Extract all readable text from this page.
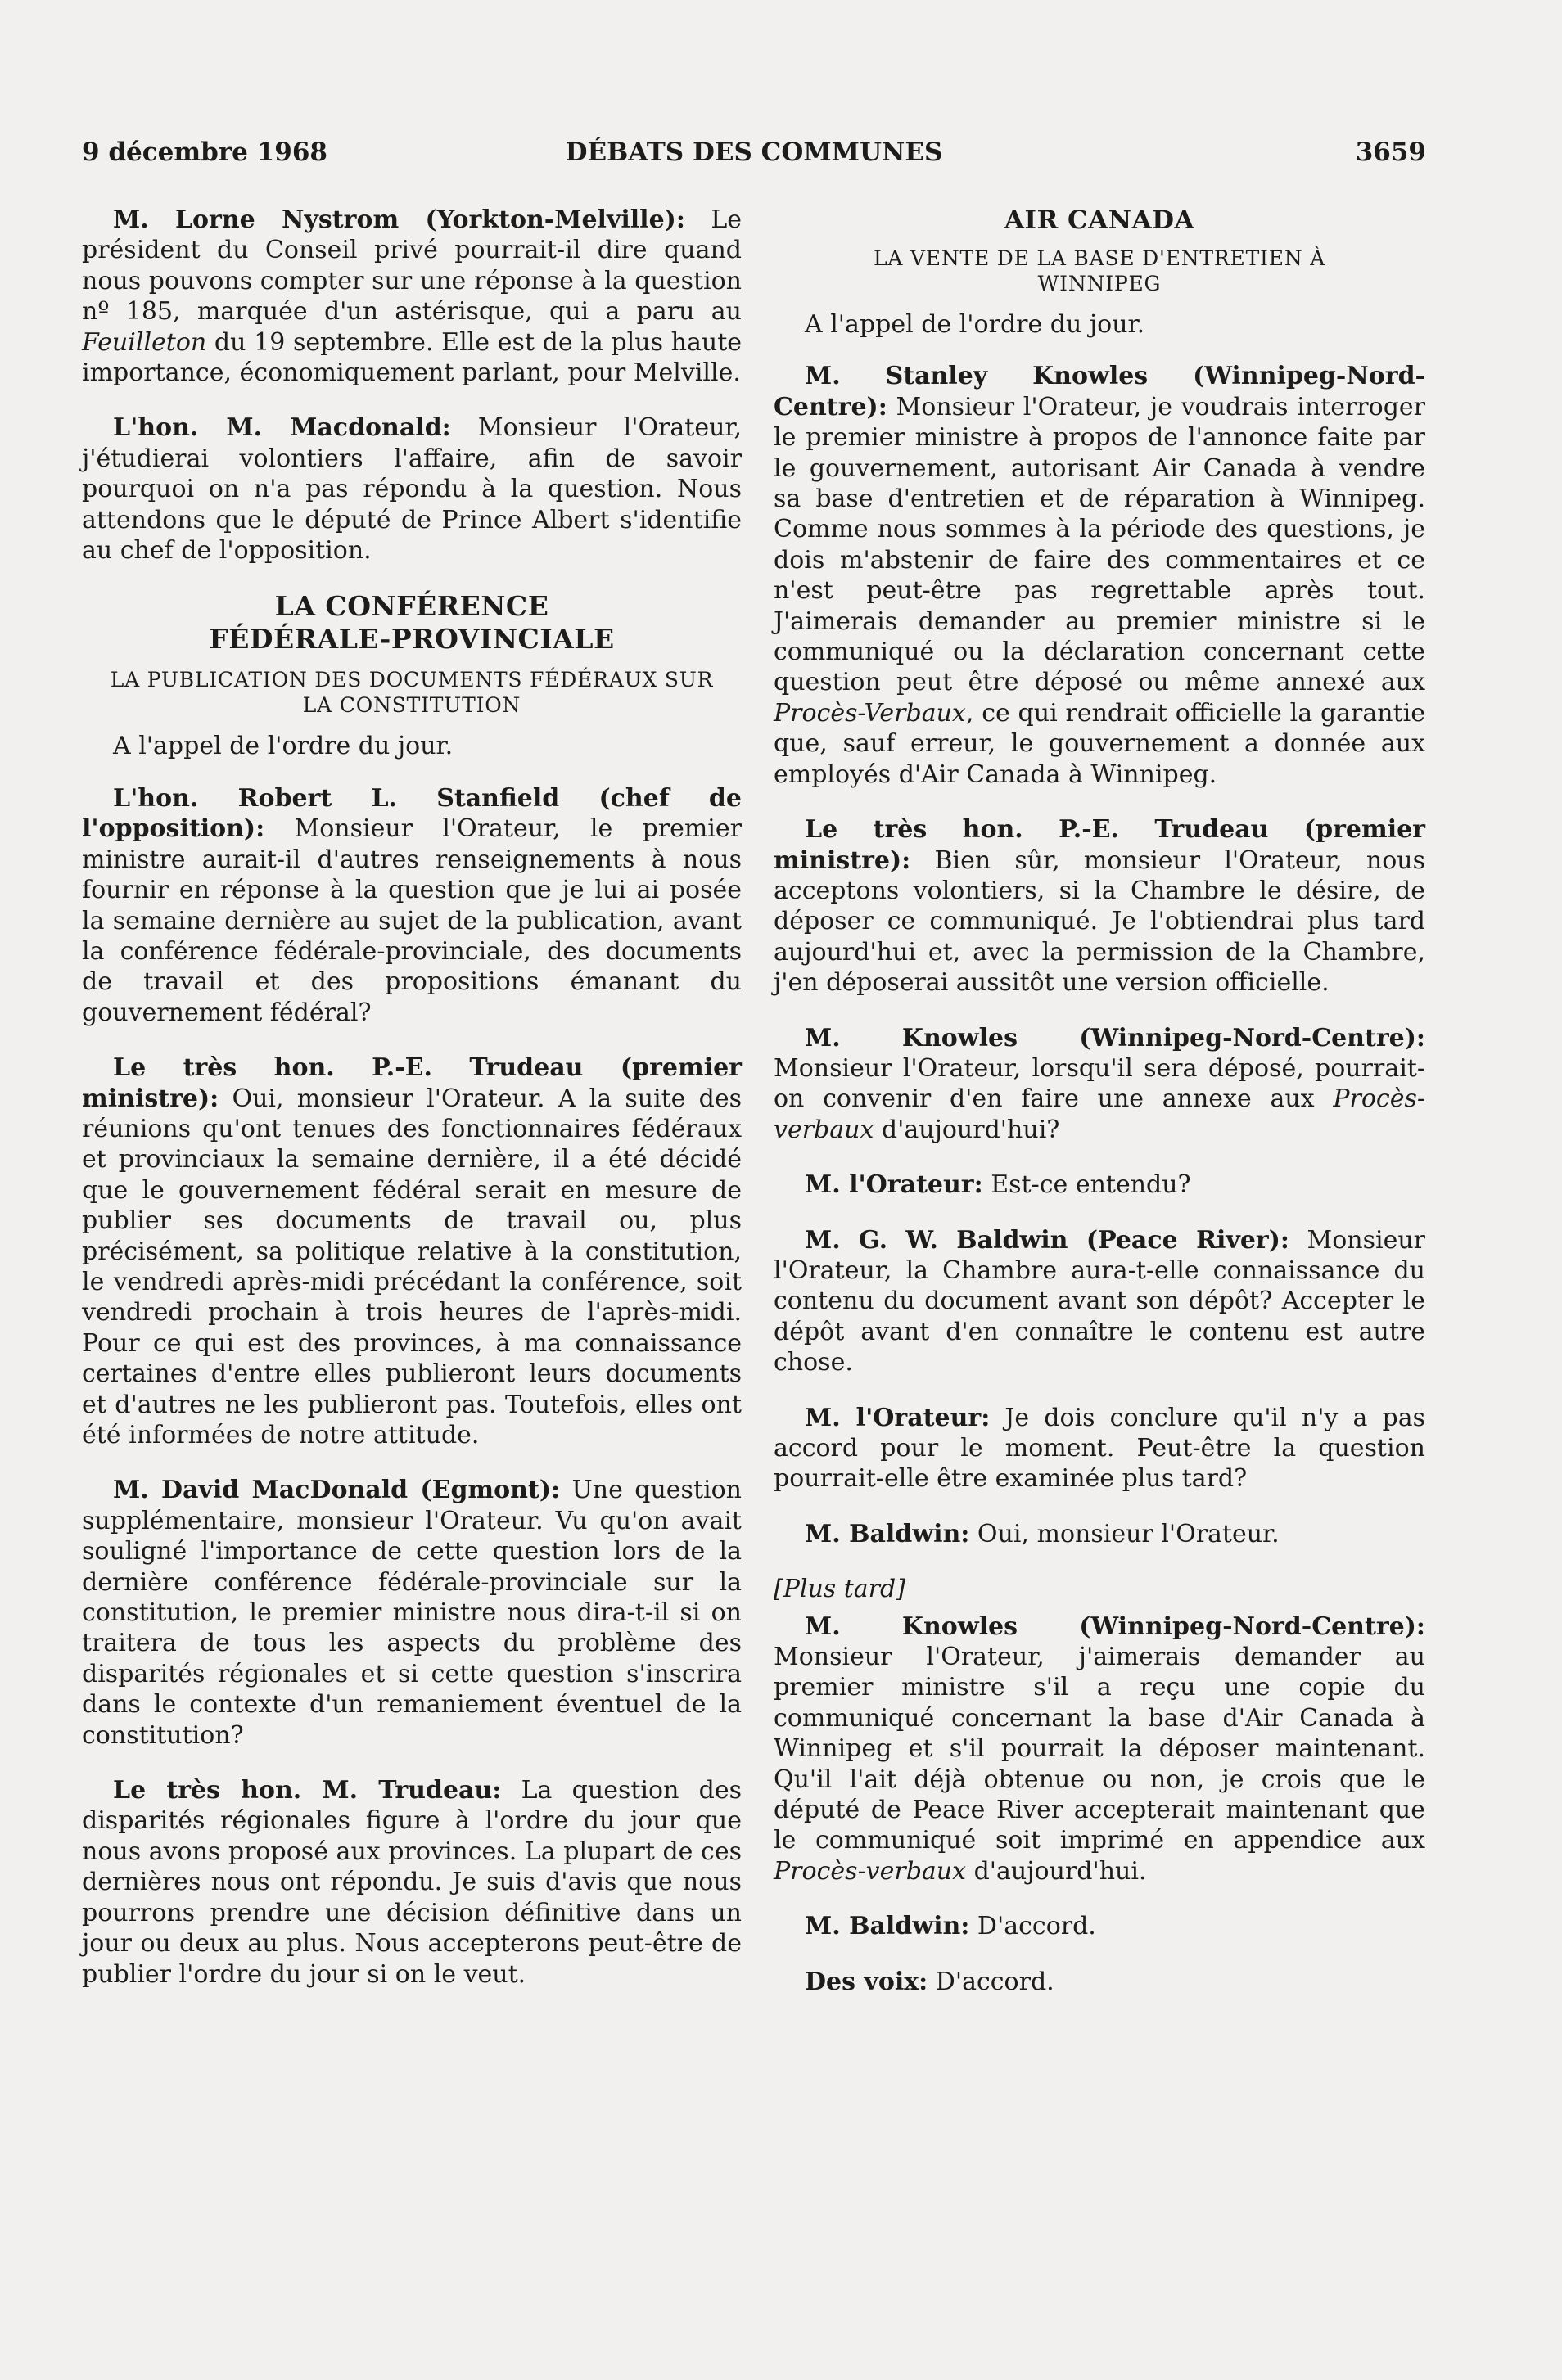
9 décembre 1968	DÉBATS DES COMMUNES	3659

M. Lorne Nystrom (Yorkton-Melville): Le président du Conseil privé pourrait-il dire quand nous pouvons compter sur une réponse à la question nº 185, marquée d'un astérisque, qui a paru au Feuilleton du 19 septembre. Elle est de la plus haute importance, économiquement parlant, pour Melville.

L'hon. M. Macdonald: Monsieur l'Orateur, j'étudierai volontiers l'affaire, afin de savoir pourquoi on n'a pas répondu à la question. Nous attendons que le député de Prince Albert s'identifie au chef de l'opposition.

LA CONFÉRENCE
FÉDÉRALE-PROVINCIALE
LA PUBLICATION DES DOCUMENTS FÉDÉRAUX SUR LA CONSTITUTION

A l'appel de l'ordre du jour.

L'hon. Robert L. Stanfield (chef de l'opposition): Monsieur l'Orateur, le premier ministre aurait-il d'autres renseignements à nous fournir en réponse à la question que je lui ai posée la semaine dernière au sujet de la publication, avant la conférence fédérale-provinciale, des documents de travail et des propositions émanant du gouvernement fédéral?

Le très hon. P.-E. Trudeau (premier ministre): Oui, monsieur l'Orateur. A la suite des réunions qu'ont tenues des fonctionnaires fédéraux et provinciaux la semaine dernière, il a été décidé que le gouvernement fédéral serait en mesure de publier ses documents de travail ou, plus précisément, sa politique relative à la constitution, le vendredi après-midi précédant la conférence, soit vendredi prochain à trois heures de l'après-midi. Pour ce qui est des provinces, à ma connaissance certaines d'entre elles publieront leurs documents et d'autres ne les publieront pas. Toutefois, elles ont été informées de notre attitude.

M. David MacDonald (Egmont): Une question supplémentaire, monsieur l'Orateur. Vu qu'on avait souligné l'importance de cette question lors de la dernière conférence fédérale-provinciale sur la constitution, le premier ministre nous dira-t-il si on traitera de tous les aspects du problème des disparités régionales et si cette question s'inscrira dans le contexte d'un remaniement éventuel de la constitution?

Le très hon. M. Trudeau: La question des disparités régionales figure à l'ordre du jour que nous avons proposé aux provinces. La plupart de ces dernières nous ont répondu. Je suis d'avis que nous pourrons prendre une décision définitive dans un jour ou deux au plus. Nous accepterons peut-être de publier l'ordre du jour si on le veut.

AIR CANADA
LA VENTE DE LA BASE D'ENTRETIEN À WINNIPEG

A l'appel de l'ordre du jour.

M. Stanley Knowles (Winnipeg-Nord-Centre): Monsieur l'Orateur, je voudrais interroger le premier ministre à propos de l'annonce faite par le gouvernement, autorisant Air Canada à vendre sa base d'entretien et de réparation à Winnipeg. Comme nous sommes à la période des questions, je dois m'abstenir de faire des commentaires et ce n'est peut-être pas regrettable après tout. J'aimerais demander au premier ministre si le communiqué ou la déclaration concernant cette question peut être déposé ou même annexé aux Procès-Verbaux, ce qui rendrait officielle la garantie que, sauf erreur, le gouvernement a donnée aux employés d'Air Canada à Winnipeg.

Le très hon. P.-E. Trudeau (premier ministre): Bien sûr, monsieur l'Orateur, nous acceptons volontiers, si la Chambre le désire, de déposer ce communiqué. Je l'obtiendrai plus tard aujourd'hui et, avec la permission de la Chambre, j'en déposerai aussitôt une version officielle.

M. Knowles (Winnipeg-Nord-Centre): Monsieur l'Orateur, lorsqu'il sera déposé, pourrait-on convenir d'en faire une annexe aux Procès-verbaux d'aujourd'hui?

M. l'Orateur: Est-ce entendu?

M. G. W. Baldwin (Peace River): Monsieur l'Orateur, la Chambre aura-t-elle connaissance du contenu du document avant son dépôt? Accepter le dépôt avant d'en connaître le contenu est autre chose.

M. l'Orateur: Je dois conclure qu'il n'y a pas accord pour le moment. Peut-être la question pourrait-elle être examinée plus tard?

M. Baldwin: Oui, monsieur l'Orateur.

[Plus tard]

M. Knowles (Winnipeg-Nord-Centre): Monsieur l'Orateur, j'aimerais demander au premier ministre s'il a reçu une copie du communiqué concernant la base d'Air Canada à Winnipeg et s'il pourrait la déposer maintenant. Qu'il l'ait déjà obtenue ou non, je crois que le député de Peace River accepterait maintenant que le communiqué soit imprimé en appendice aux Procès-verbaux d'aujourd'hui.

M. Baldwin: D'accord.

Des voix: D'accord.
